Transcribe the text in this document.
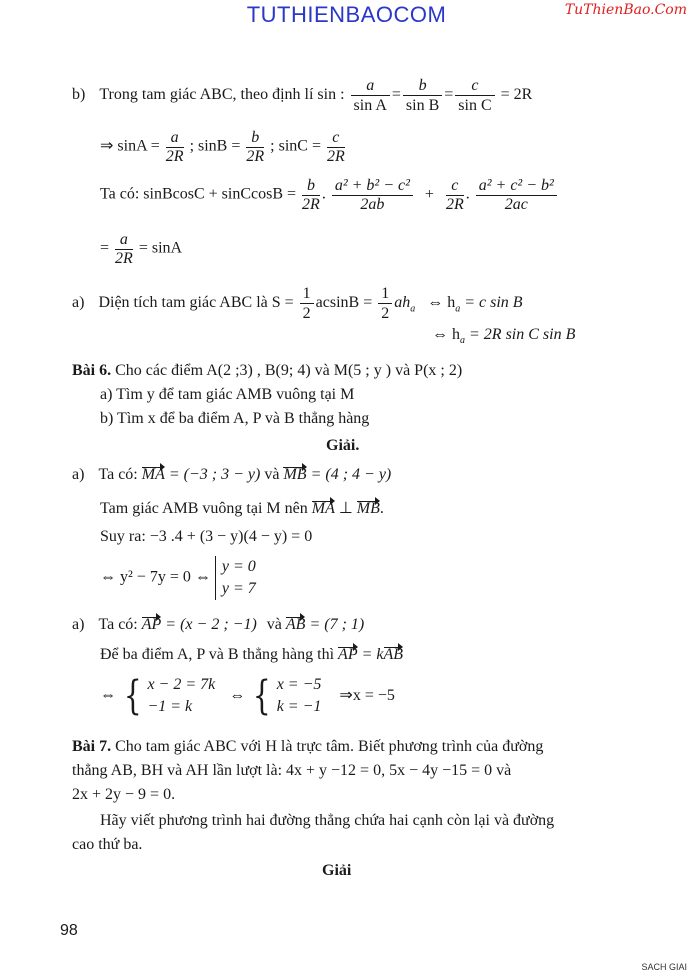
TUTHIENBAOCOM	TuThienBao.Com
b) Trong tam giác ABC, theo định lí sin : $\frac{a}{\text{sin A}} = \frac{b}{\text{sin B}} = \frac{c}{\text{sin C}} = 2R$
⇒ $\sin A = \frac{a}{2R}$ ; $\sin B = \frac{b}{2R}$ ; $\sin C = \frac{c}{2R}$
Ta có: sinBcosC + sinCcosB = $\frac{b}{2R}$ . $\frac{\text{a² + b² − c²}}{2ab} + \frac{c}{2R}$ . $\frac{\text{a² + c² − b²}}{2ac}$
= $\frac{a}{2R} = \sin A$
a) Diện tích tam giác ABC là $S = \frac{1}{2}$ $acsinB = \frac{1}{2} ah_a$ ⇔ $h_a = c$ sin B
⇔ $h_a = 2R$ sin C sin B
Bài 6. Cho các điểm A(2 ;3) , B(9; 4) và M(5 ; y ) và P(x ; 2)
a) Tìm y để tam giác AMB vuông tại M
b) Tìm x để ba điểm A, P và B thẳng hàng
Giải.
a) Ta có: MA = (−3 ; 3 − y) và MB = (4 ; 4 − y)
Tam giác AMB vuông tại M nên MA ⊥ MB.
Suy ra: −3 .4 + (3 − y)(4 − y) = 0
⇔ y² − 7y = 0 ⇔
y = 0
y = 7
a) Ta có: AP = (x − 2 ; −1) và AB = (7 ; 1)
Để ba điểm A, P và B thẳng hàng thì AP = kAB
⇔ { x − 2 = 7k
−1 = k
⇔ { x = −5
k = −1
⇒x = −5
Bài 7. Cho tam giác ABC với H là trực tâm. Biết phương trình của đường
thẳng AB, BH và AH lần lượt là: 4x + y −12 = 0, 5x − 4y −15 = 0 và
2x + 2y − 9 = 0.
Hãy viết phương trình hai đường thẳng chứa hai cạnh còn lại và đường
cao thứ ba.
Giải
98
SACH GIAI
